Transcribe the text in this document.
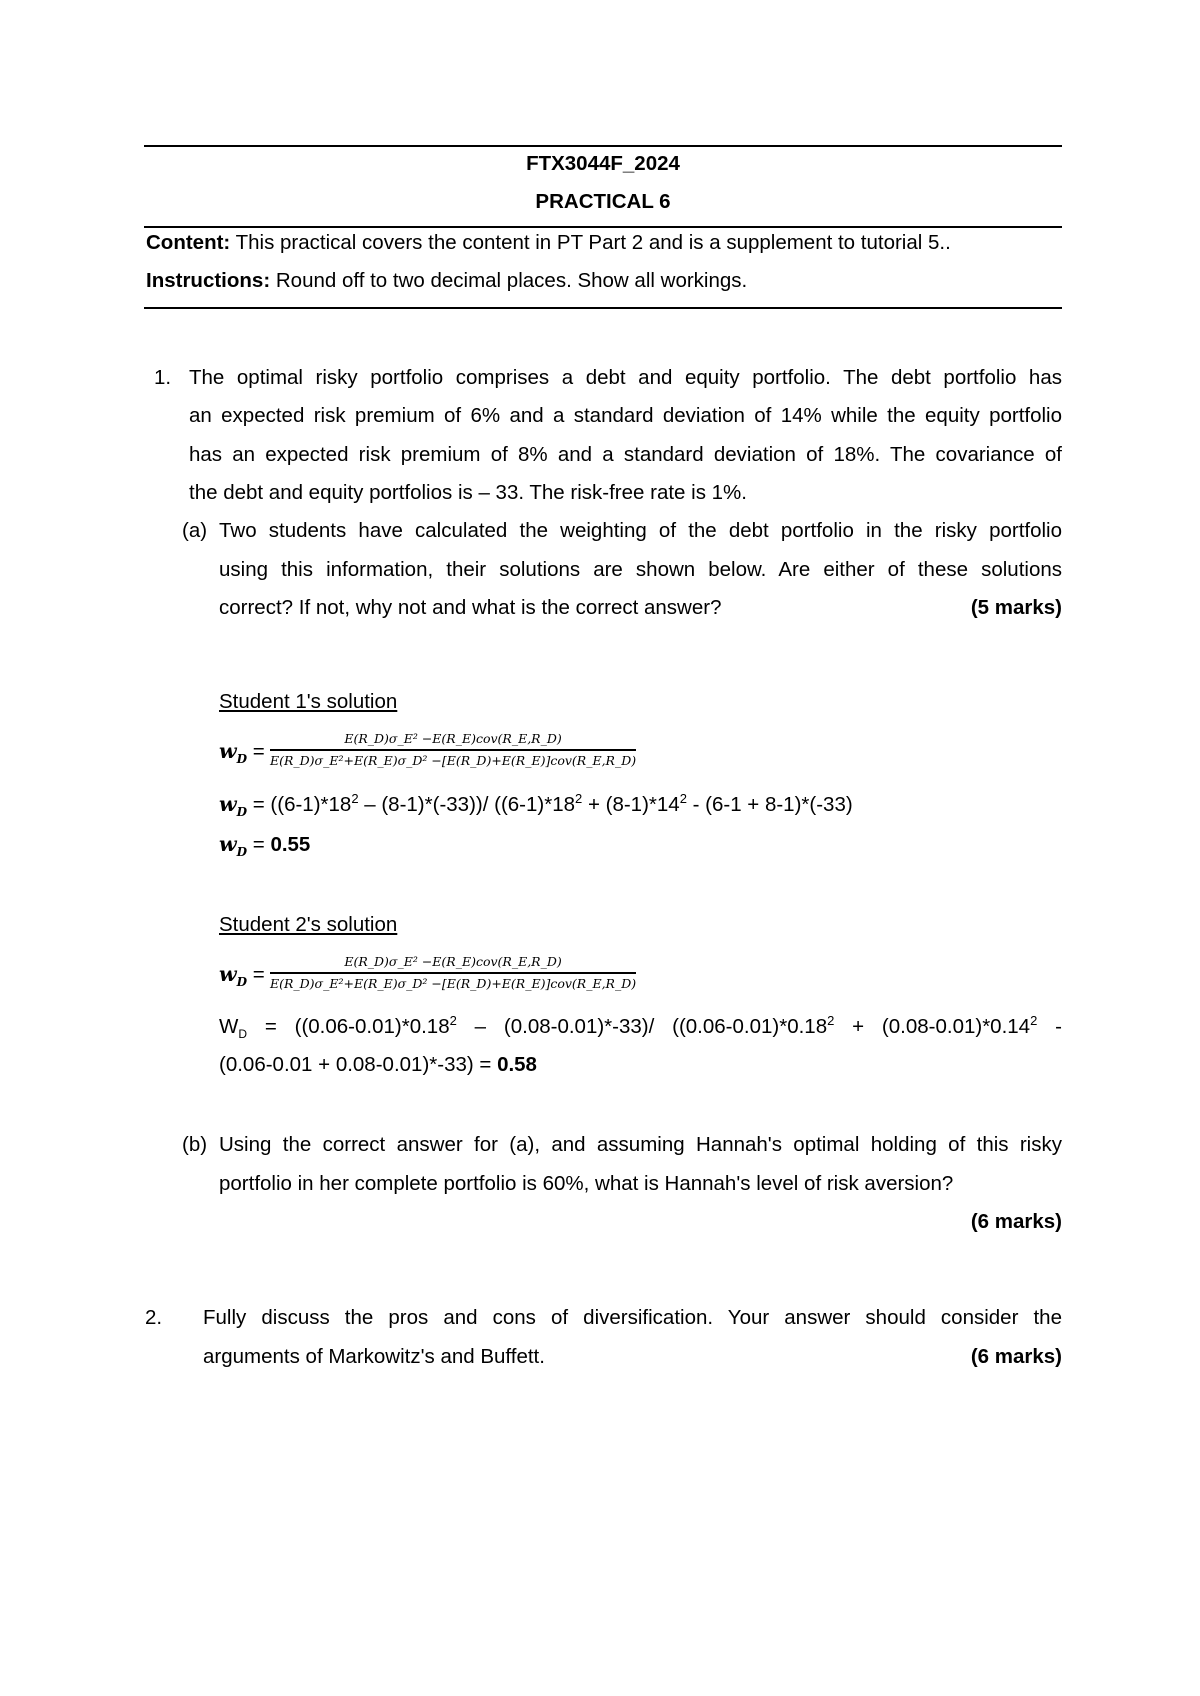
FTX3044F_2024
PRACTICAL 6
Content: This practical covers the content in PT Part 2 and is a supplement to tutorial 5..
Instructions: Round off to two decimal places. Show all workings.
1. The optimal risky portfolio comprises a debt and equity portfolio. The debt portfolio has
an expected risk premium of 6% and a standard deviation of 14% while the equity portfolio
has an expected risk premium of 8% and a standard deviation of 18%. The covariance of
the debt and equity portfolios is – 33. The risk-free rate is 1%.
(a) Two students have calculated the weighting of the debt portfolio in the risky portfolio
using this information, their solutions are shown below. Are either of these solutions
correct? If not, why not and what is the correct answer?	(5 marks)
Student 1's solution
$w_D$ =
E(R_D)σ_E² −E(R_E)cov(R_E,R_D)
E(R_D)σ_E²+E(R_E)σ_D² −[E(R_D)+E(R_E)]cov(R_E,R_D)
$w_D = ((6-1)*18^2 - (8-1)*(-33))/$ ($(6-1)*18^2 + (8-1)*14^2 - (6-1 + 8-1)*(-33)$
$w_D = 0.55$
Student 2's solution
$w_D$ =
E(R_D)σ_E² −E(R_E)cov(R_E,R_D)
E(R_D)σ_E²+E(R_E)σ_D² −[E(R_D)+E(R_E)]cov(R_E,R_D)
$W_D = ((0.06-0.01)*0.18^2 - (0.08-0.01)*-33)/$ ($(0.06-0.01)*0.18^2 + (0.08-0.01)*0.14^2$ -
(0.06-0.01 + 0.08-0.01)*-33) = 0.58
(b) Using the correct answer for (a), and assuming Hannah's optimal holding of this risky
portfolio in her complete portfolio is 60%, what is Hannah's level of risk aversion?
(6 marks)
2. Fully discuss the pros and cons of diversification. Your answer should consider the
arguments of Markowitz's and Buffett.	(6 marks)
